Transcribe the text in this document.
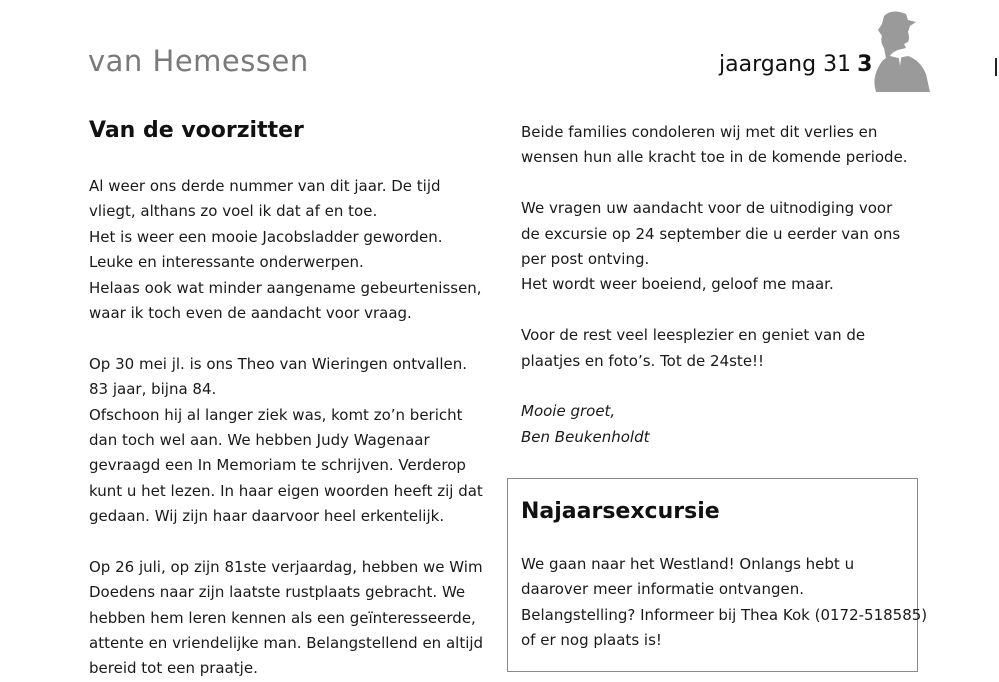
van Hemessen	jaargang 31 3
Van de voorzitter
Al weer ons derde nummer van dit jaar. De tijd
vliegt, althans zo voel ik dat af en toe.
Het is weer een mooie Jacobsladder geworden.
Leuke en interessante onderwerpen.
Helaas ook wat minder aangename gebeurtenissen,
waar ik toch even de aandacht voor vraag.
Op 30 mei jl. is ons Theo van Wieringen ontvallen.
83 jaar, bijna 84.
Ofschoon hij al langer ziek was, komt zo’n bericht
dan toch wel aan. We hebben Judy Wagenaar
gevraagd een In Memoriam te schrijven. Verderop
kunt u het lezen. In haar eigen woorden heeft zij dat
gedaan. Wij zijn haar daarvoor heel erkentelijk.
Op 26 juli, op zijn 81ste verjaardag, hebben we Wim
Doedens naar zijn laatste rustplaats gebracht. We
hebben hem leren kennen als een geïnteresseerde,
attente en vriendelijke man. Belangstellend en altijd
bereid tot een praatje.
Beide families condoleren wij met dit verlies en
wensen hun alle kracht toe in de komende periode.
We vragen uw aandacht voor de uitnodiging voor
de excursie op 24 september die u eerder van ons
per post ontving.
Het wordt weer boeiend, geloof me maar.
Voor de rest veel leesplezier en geniet van de
plaatjes en foto’s. Tot de 24ste!!
Mooie groet,
Ben Beukenholdt
Najaarsexcursie
We gaan naar het Westland! Onlangs hebt u
daarover meer informatie ontvangen.
Belangstelling? Informeer bij Thea Kok (0172-518585)
of er nog plaats is!
